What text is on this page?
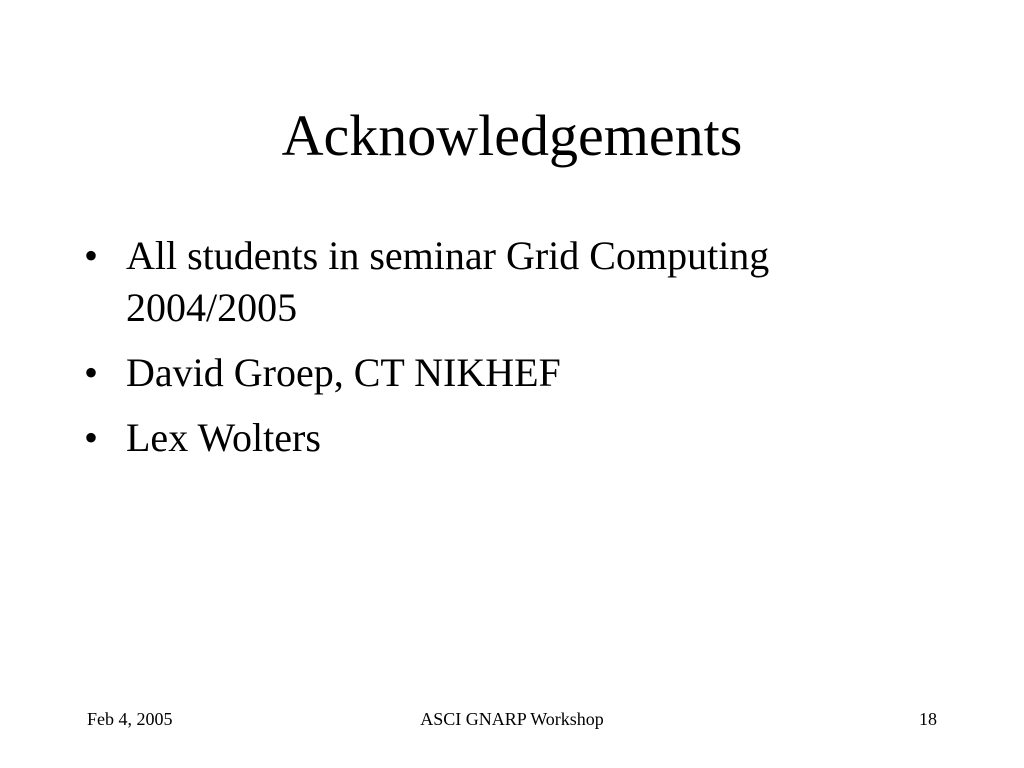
Acknowledgements
• All students in seminar Grid Computing 2004/2005
• David Groep, CT NIKHEF
• Lex Wolters
Feb 4, 2005	ASCI GNARP Workshop	18
